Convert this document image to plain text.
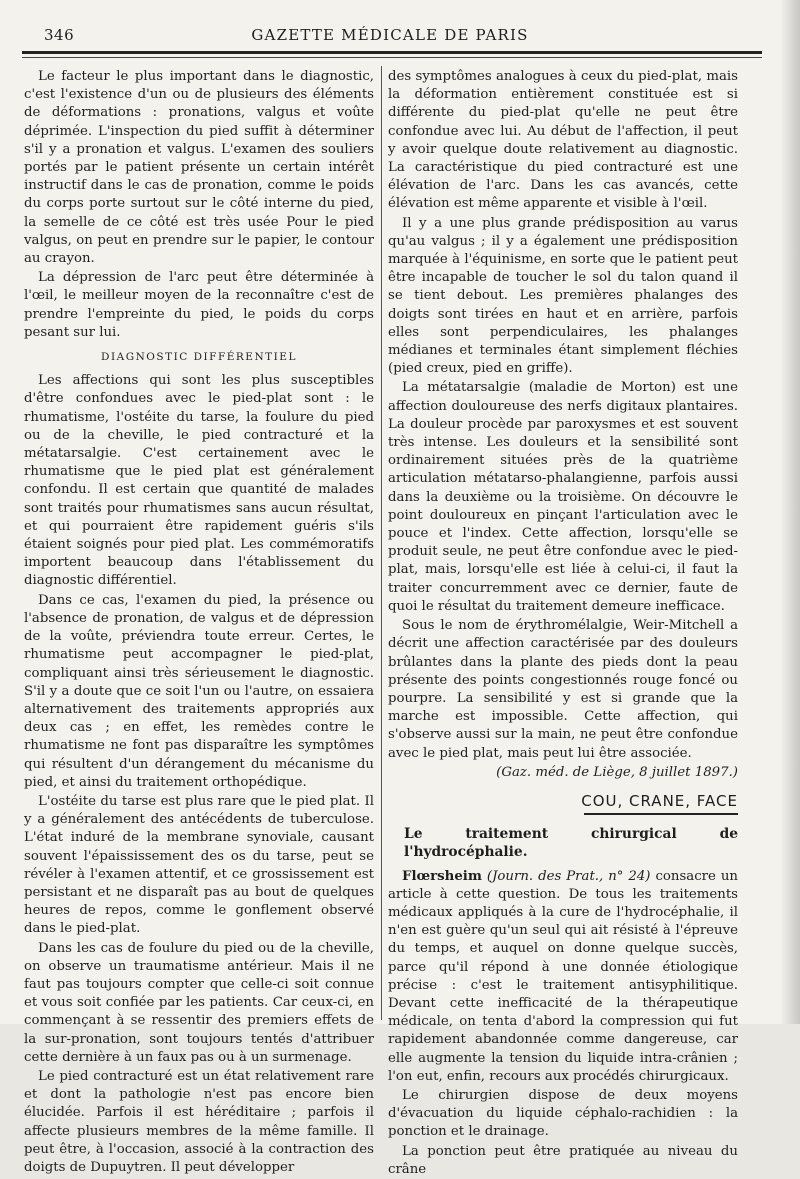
346	GAZETTE MÉDICALE DE PARIS

Le facteur le plus important dans le diagnostic, c'est l'existence d'un ou de plusieurs des éléments de déformations : pronations, valgus et voûte déprimée. L'inspection du pied suffit à déterminer s'il y a pronation et valgus. L'examen des souliers portés par le patient présente un certain intérêt instructif dans le cas de pronation, comme le poids du corps porte surtout sur le côté interne du pied, la semelle de ce côté est très usée Pour le pied valgus, on peut en prendre sur le papier, le contour au crayon.

La dépression de l'arc peut être déterminée à l'œil, le meilleur moyen de la reconnaître c'est de prendre l'empreinte du pied, le poids du corps pesant sur lui.

DIAGNOSTIC DIFFÉRENTIEL

Les affections qui sont les plus susceptibles d'être confondues avec le pied-plat sont : le rhumatisme, l'ostéite du tarse, la foulure du pied ou de la cheville, le pied contracturé et la métatarsalgie. C'est certainement avec le rhumatisme que le pied plat est généralement confondu. Il est certain que quantité de malades sont traités pour rhumatismes sans aucun résultat, et qui pourraient être rapidement guéris s'ils étaient soignés pour pied plat. Les commémoratifs importent beaucoup dans l'établissement du diagnostic différentiel.

Dans ce cas, l'examen du pied, la présence ou l'absence de pronation, de valgus et de dépression de la voûte, préviendra toute erreur. Certes, le rhumatisme peut accompagner le pied-plat, compliquant ainsi très sérieusement le diagnostic. S'il y a doute que ce soit l'un ou l'autre, on essaiera alternativement des traitements appropriés aux deux cas ; en effet, les remèdes contre le rhumatisme ne font pas disparaître les symptômes qui résultent d'un dérangement du mécanisme du pied, et ainsi du traitement orthopédique.

L'ostéite du tarse est plus rare que le pied plat. Il y a généralement des antécédents de tuberculose. L'état induré de la membrane synoviale, causant souvent l'épaississement des os du tarse, peut se révéler à l'examen attentif, et ce grossissement est persistant et ne disparaît pas au bout de quelques heures de repos, comme le gonflement observé dans le pied-plat.

Dans les cas de foulure du pied ou de la cheville, on observe un traumatisme antérieur. Mais il ne faut pas toujours compter que celle-ci soit connue et vous soit confiée par les patients. Car ceux-ci, en commençant à se ressentir des premiers effets de la sur-pronation, sont toujours tentés d'attribuer cette dernière à un faux pas ou à un surmenage.

Le pied contracturé est un état relativement rare et dont la pathologie n'est pas encore bien élucidée. Parfois il est héréditaire ; parfois il affecte plusieurs membres de la même famille. Il peut être, à l'occasion, associé à la contraction des doigts de Dupuytren. Il peut développer

des symptômes analogues à ceux du pied-plat, mais la déformation entièrement constituée est si différente du pied-plat qu'elle ne peut être confondue avec lui. Au début de l'affection, il peut y avoir quelque doute relativement au diagnostic. La caractéristique du pied contracturé est une élévation de l'arc. Dans les cas avancés, cette élévation est même apparente et visible à l'œil.

Il y a une plus grande prédisposition au varus qu'au valgus ; il y a également une prédisposition marquée à l'équinisme, en sorte que le patient peut être incapable de toucher le sol du talon quand il se tient debout. Les premières phalanges des doigts sont tirées en haut et en arrière, parfois elles sont perpendiculaires, les phalanges médianes et terminales étant simplement fléchies (pied creux, pied en griffe).

La métatarsalgie (maladie de Morton) est une affection douloureuse des nerfs digitaux plantaires. La douleur procède par paroxysmes et est souvent très intense. Les douleurs et la sensibilité sont ordinairement situées près de la quatrième articulation métatarso-phalangienne, parfois aussi dans la deuxième ou la troisième. On découvre le point douloureux en pinçant l'articulation avec le pouce et l'index. Cette affection, lorsqu'elle se produit seule, ne peut être confondue avec le pied-plat, mais, lorsqu'elle est liée à celui-ci, il faut la traiter concurremment avec ce dernier, faute de quoi le résultat du traitement demeure inefficace.

Sous le nom de érythromélalgie, Weir-Mitchell a décrit une affection caractérisée par des douleurs brûlantes dans la plante des pieds dont la peau présente des points congestionnés rouge foncé ou pourpre. La sensibilité y est si grande que la marche est impossible. Cette affection, qui s'observe aussi sur la main, ne peut être confondue avec le pied plat, mais peut lui être associée.

(Gaz. méd. de Liège, 8 juillet 1897.)
COU, CRANE, FACE
Le traitement chirurgical de l'hydrocéphalie.

Flœrsheim (Journ. des Prat., n° 24) consacre un article à cette question. De tous les traitements médicaux appliqués à la cure de l'hydrocéphalie, il n'en est guère qu'un seul qui ait résisté à l'épreuve du temps, et auquel on donne quelque succès, parce qu'il répond à une donnée étiologique précise : c'est le traitement antisyphilitique. Devant cette inefficacité de la thérapeutique médicale, on tenta d'abord la compression qui fut rapidement abandonnée comme dangereuse, car elle augmente la tension du liquide intra-crânien ; l'on eut, enfin, recours aux procédés chirurgicaux.

Le chirurgien dispose de deux moyens d'évacuation du liquide céphalo-rachidien : la ponction et le drainage.

La ponction peut être pratiquée au niveau du crâne
